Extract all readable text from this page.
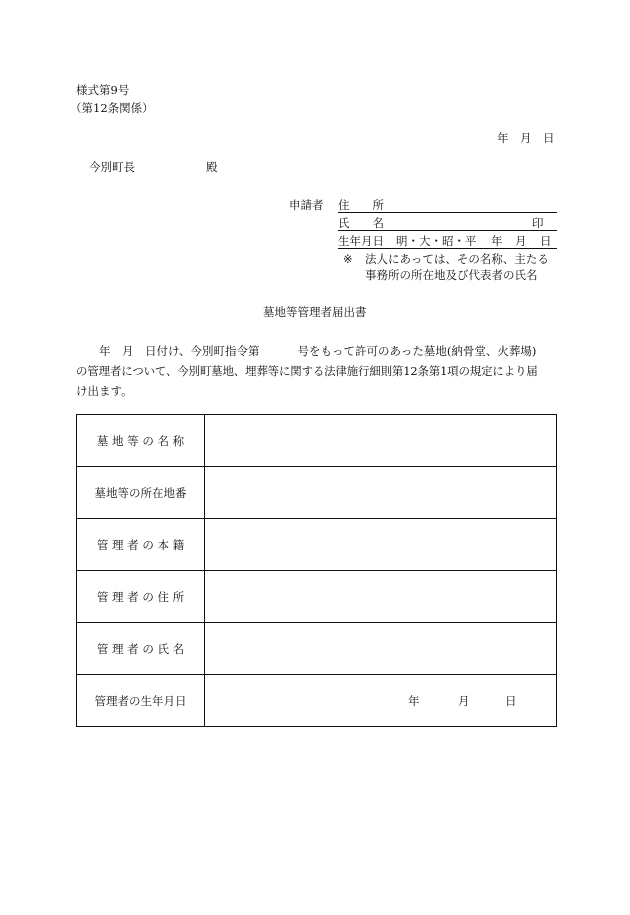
様式第9号
（第12条関係）
年　月　日
今別町長	殿
申請者 住　　所
氏　　名	印
生年月日 明・大・昭・平 年 月 日
※ 法人にあっては、その名称、主たる
事務所の所在地及び代表者の氏名
墓地等管理者届出書
　　年　月　日付け、今別町指令第	号をもって許可のあった墓地(納骨堂、火葬場)
の管理者について、今別町墓地、埋葬等に関する法律施行細則第12条第1項の規定により届
け出ます。
墓 地 等 の 名 称	
墓地等の所在地番	
管 理 者 の 本 籍	
管 理 者 の 住 所	
管 理 者 の 氏 名	
管理者の生年月日	年 月 日
